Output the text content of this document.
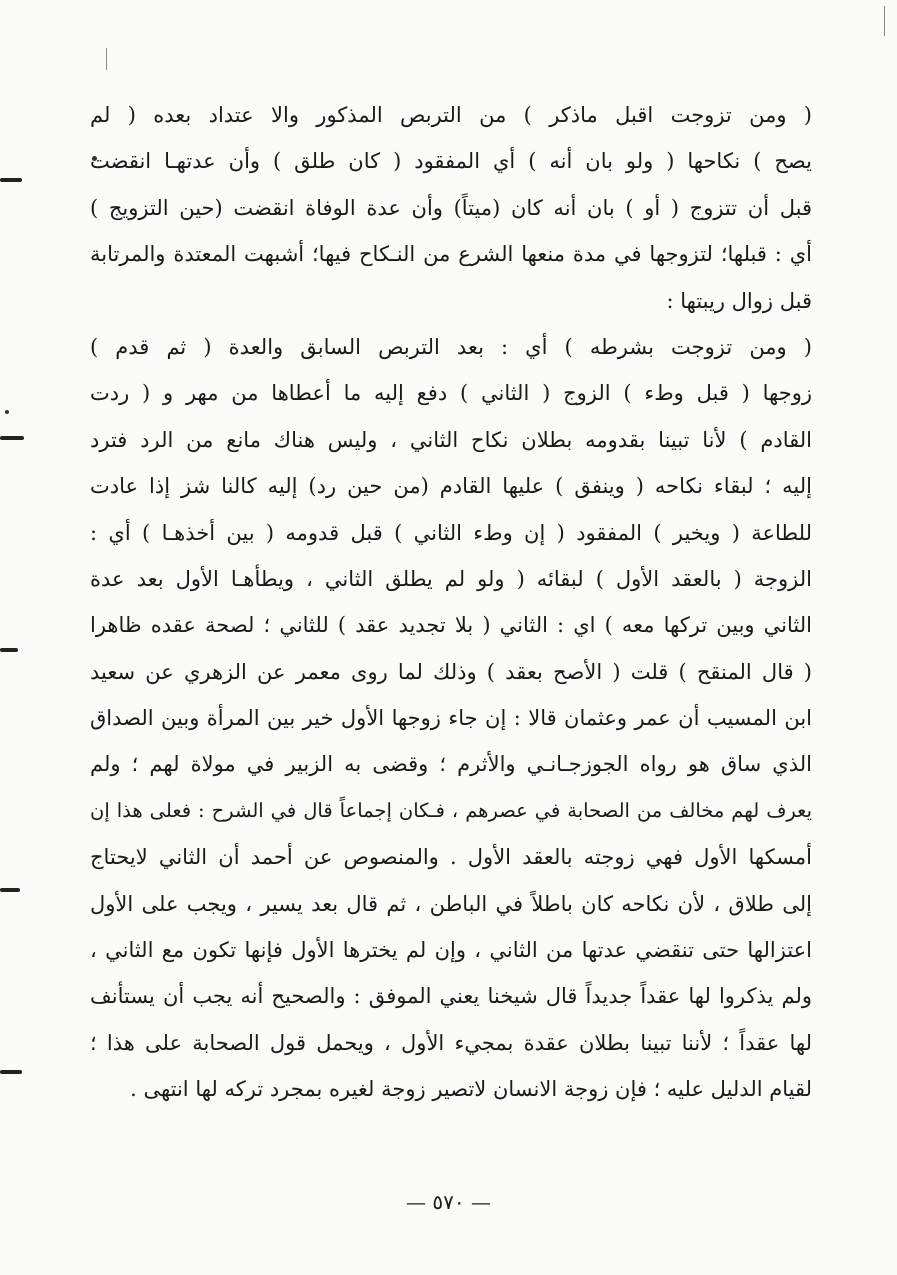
( ومن تزوجت اقبل ماذكر ) من التربص المذكور والا عتداد بعده ( لم
يصح ) نكاحها ( ولو بان أنه ) أي المفقود ( كان طلق ) وأن عدتهـا انقضت
قبل أن تتزوج ( أو ) بان أنه كان (ميتاً) وأن عدة الوفاة انقضت (حين التزويج )
أي : قبلها؛ لتزوجها في مدة منعها الشرع من النـكاح فيها؛ أشبهت المعتدة والمرتابة
قبل زوال ريبتها :
( ومن تزوجت بشرطه ) أي : بعد التربص السابق والعدة ( ثم قدم )
زوجها ( قبل وطء ) الزوج ( الثاني ) دفع إليه ما أعطاها من مهر و ( ردت
القادم ) لأنا تبينا بقدومه بطلان نكاح الثاني ، وليس هناك مانع من الرد فترد
إليه ؛ لبقاء نكاحه ( وينفق ) عليها القادم (من حين رد) إليه كالنا شز إذا عادت
للطاعة ( ويخير ) المفقود ( إن وطء الثاني ) قبل قدومه ( بين أخذهـا ) أي :
الزوجة ( بالعقد الأول ) لبقائه ( ولو لم يطلق الثاني ، ويطأهـا الأول بعد عدة
الثاني وبين تركها معه ) اي : الثاني ( بلا تجديد عقد ) للثاني ؛ لصحة عقده ظاهرا
( قال المنقح ) قلت ( الأصح بعقد ) وذلك لما روى معمر عن الزهري عن سعيد
ابن المسيب أن عمر وعثمان قالا : إن جاء زوجها الأول خير بين المرأة وبين الصداق
الذي ساق هو رواه الجوزجـانـي والأثرم ؛ وقضى به الزبير في مولاة لهم ؛ ولم
يعرف لهم مخالف من الصحابة في عصرهم ، فـكان إجماعاً قال في الشرح : فعلى هذا إن
أمسكها الأول فهي زوجته بالعقد الأول . والمنصوص عن أحمد أن الثاني لايحتاج
إلى طلاق ، لأن نكاحه كان باطلاً في الباطن ، ثم قال بعد يسير ، ويجب على الأول
اعتزالها حتى تنقضي عدتها من الثاني ، وإن لم يخترها الأول فإنها تكون مع الثاني ،
ولم يذكروا لها عقداً جديداً قال شيخنا يعني الموفق : والصحيح أنه يجب أن يستأنف
لها عقداً ؛ لأننا تبينا بطلان عقدة بمجيء الأول ، ويحمل قول الصحابة على هذا ؛
لقيام الدليل عليه ؛ فإن زوجة الانسان لاتصير زوجة لغيره بمجرد تركه لها انتهى .
— ٥٧٠ —
